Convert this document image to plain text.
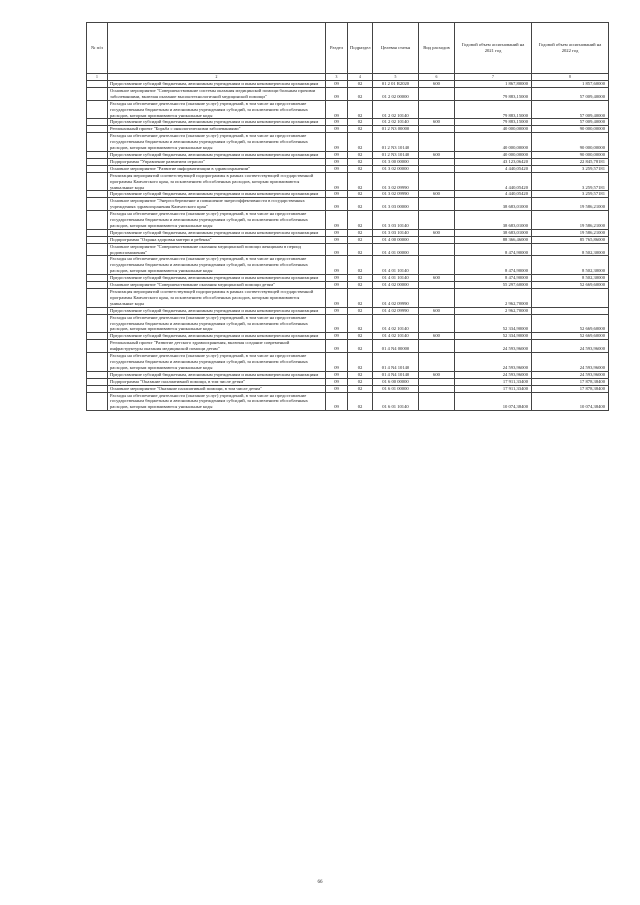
№ п/п		Раздел	Подраздел	Целевая статья	Вид расходов	Годовой объем ассигнований на 2021 год	Годовой объем ассигнований на 2022 год
1	2	3	4	5	6	7	8
	Предоставление субсидий бюджетным, автономным учреждениям и иным некоммерческим организациям	09	02	01 2 01 R2020	600	1 867,80000	1 857,60000
	Основное мероприятие "Совершенствование системы оказания медицинской помощи больным прочими заболеваниями, включая оказание высокотехнологичной медицинской помощи"	09	02	01 2 02 00000		79 883,15000	57 009,40000
	Расходы на обеспечение деятельности (оказание услуг) учреждений, в том числе на предоставление государственным бюджетным и автономным учреждениям субсидий, за исключением обособленных расходов, которым присваиваются уникальные коды	09	02	01 2 02 10140		79 883,15000	57 009,40000
	Предоставление субсидий бюджетным, автономным учреждениям и иным некоммерческим организациям	09	02	01 2 02 10140	600	79 883,15000	57 009,40000
	Региональный проект "Борьба с онкологическими заболеваниями"	09	02	01 2 N3 00000		40 000,00000	90 000,00000
	Расходы на обеспечение деятельности (оказание услуг) учреждений, в том числе на предоставление государственным бюджетным и автономным учреждениям субсидий, за исключением обособленных расходов, которым присваиваются уникальные коды	09	02	01 2 N3 10140		40 000,00000	90 000,00000
	Предоставление субсидий бюджетным, автономным учреждениям и иным некоммерческим организациям	09	02	01 2 N3 10140	600	40 000,00000	90 000,00000
	Подпрограмма "Управление развитием отрасли"	09	02	01 3 00 00000		43 123,06420	22 845,78181
	Основное мероприятие "Развитие информатизации в здравоохранении"	09	02	01 3 02 00000		4 440,05420	3 259,57181
	Реализация мероприятий соответствующей подпрограммы в рамках соответствующей государственной программы Камчатского края, за исключением обособленных расходов, которым присваиваются уникальные коды	09	02	01 3 02 09990		4 440,05420	3 259,57181
	Предоставление субсидий бюджетным, автономным учреждениям и иным некоммерческим организациям	09	02	01 3 02 09990	600	4 440,05420	3 259,57181
	Основное мероприятие "Энергосбережение и повышение энергоэффективности в государственных учреждениях здравоохранения Камчатского края"	09	02	01 3 03 00000		38 683,01000	19 586,21000
	Расходы на обеспечение деятельности (оказание услуг) учреждений, в том числе на предоставление государственным бюджетным и автономным учреждениям субсидий, за исключением обособленных расходов, которым присваиваются уникальные коды	09	02	01 3 03 10140		38 683,01000	19 586,21000
	Предоставление субсидий бюджетным, автономным учреждениям и иным некоммерческим организациям	09	02	01 3 03 10140	600	38 683,01000	19 586,21000
	Подпрограмма "Охрана здоровья матери и ребенка"	09	02	01 4 00 00000		88 366,46000	85 765,86000
	Основное мероприятие "Совершенствование оказания медицинской помощи женщинам в период родовспоможения"	09	02	01 4 01 00000		8 474,90000	8 502,30000
	Расходы на обеспечение деятельности (оказание услуг) учреждений, в том числе на предоставление государственным бюджетным и автономным учреждениям субсидий, за исключением обособленных расходов, которым присваиваются уникальные коды	09	02	01 4 01 10140		8 474,90000	8 502,30000
	Предоставление субсидий бюджетным, автономным учреждениям и иным некоммерческим организациям	09	02	01 4 01 10140	600	8 474,90000	8 502,30000
	Основное мероприятие "Совершенствование оказания медицинской помощи детям"	09	02	01 4 02 00000		55 297,60000	52 669,60000
	Реализация мероприятий соответствующей подпрограммы в рамках соответствующей государственной программы Камчатского края, за исключением обособленных расходов, которым присваиваются уникальные коды	09	02	01 4 02 09990		2 962,70000	
	Предоставление субсидий бюджетным, автономным учреждениям и иным некоммерческим организациям	09	02	01 4 02 09990	600	2 962,70000	
	Расходы на обеспечение деятельности (оказание услуг) учреждений, в том числе на предоставление государственным бюджетным и автономным учреждениям субсидий, за исключением обособленных расходов, которым присваиваются уникальные коды	09	02	01 4 02 10140		52 334,90000	52 669,60000
	Предоставление субсидий бюджетным, автономным учреждениям и иным некоммерческим организациям	09	02	01 4 02 10140	600	52 334,90000	52 669,60000
	Региональный проект "Развитие детского здравоохранения, включая создание современной инфраструктуры оказания медицинской помощи детям"	09	02	01 4 N4 00000		24 593,96000	24 593,96000
	Расходы на обеспечение деятельности (оказание услуг) учреждений, в том числе на предоставление государственным бюджетным и автономным учреждениям субсидий, за исключением обособленных расходов, которым присваиваются уникальные коды	09	02	01 4 N4 10140		24 593,96000	24 593,96000
	Предоставление субсидий бюджетным, автономным учреждениям и иным некоммерческим организациям	09	02	01 4 N4 10140	600	24 593,96000	24 593,96000
	Подпрограмма "Оказание паллиативной помощи, в том числе детям"	09	02	01 6 00 00000		17 911,33400	17 878,38400
	Основное мероприятие "Оказание паллиативной помощи, в том числе детям"	09	02	01 6 01 00000		17 911,33400	17 878,38400
	Расходы на обеспечение деятельности (оказание услуг) учреждений, в том числе на предоставление государственным бюджетным и автономным учреждениям субсидий, за исключением обособленных расходов, которым присваиваются уникальные коды	09	02	01 6 01 10140		10 074,38400	10 074,38400
66
